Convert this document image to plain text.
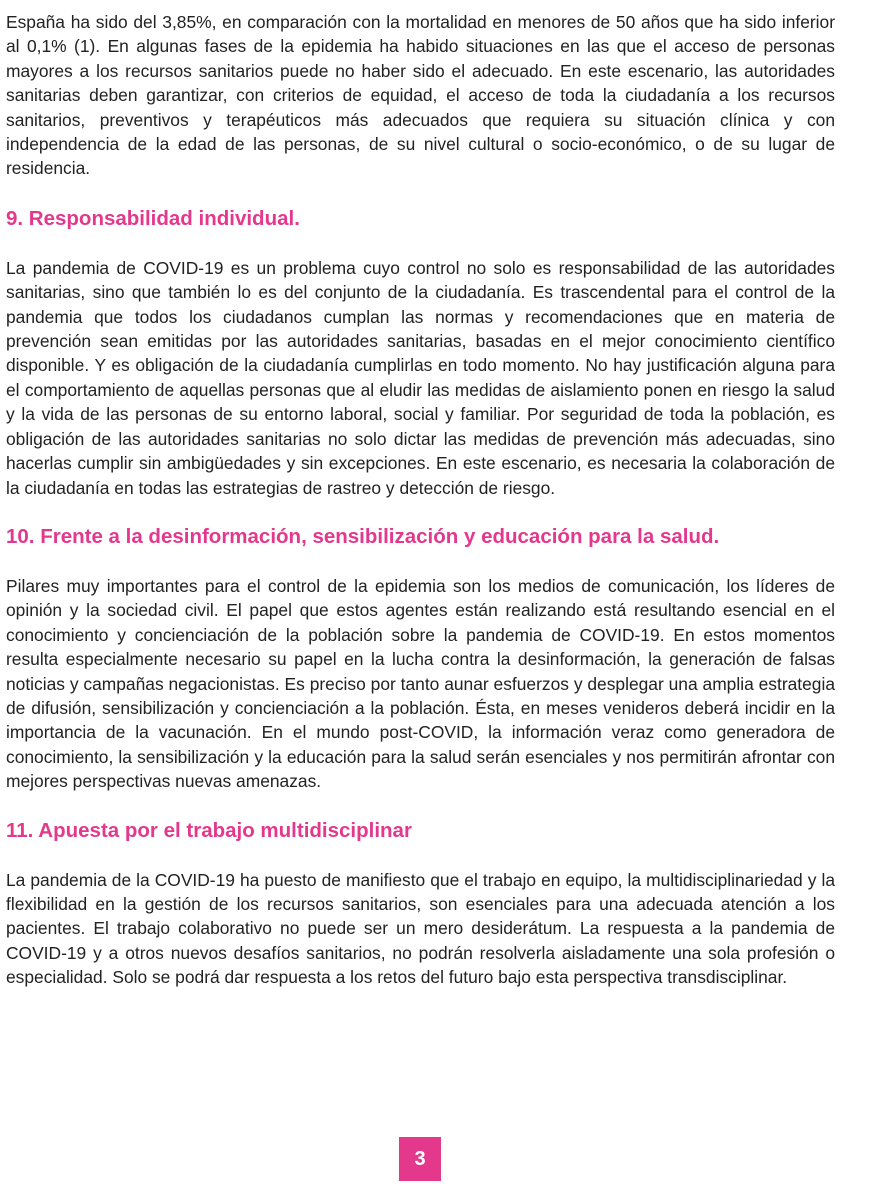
España ha sido del 3,85%, en comparación con la mortalidad en menores de 50 años que ha sido inferior al 0,1% (1). En algunas fases de la epidemia ha habido situaciones en las que el acceso de personas mayores a los recursos sanitarios puede no haber sido el adecuado. En este escenario, las autoridades sanitarias deben garantizar, con criterios de equidad, el acceso de toda la ciudadanía a los recursos sanitarios, preventivos y terapéuticos más adecuados que requiera su situación clínica y con independencia de la edad de las personas, de su nivel cultural o socio-económico, o de su lugar de residencia.

9. Responsabilidad individual.

La pandemia de COVID-19 es un problema cuyo control no solo es responsabilidad de las autoridades sanitarias, sino que también lo es del conjunto de la ciudadanía. Es trascendental para el control de la pandemia que todos los ciudadanos cumplan las normas y recomendaciones que en materia de prevención sean emitidas por las autoridades sanitarias, basadas en el mejor conocimiento científico disponible. Y es obligación de la ciudadanía cumplirlas en todo momento. No hay justificación alguna para el comportamiento de aquellas personas que al eludir las medidas de aislamiento ponen en riesgo la salud y la vida de las personas de su entorno laboral, social y familiar. Por seguridad de toda la población, es obligación de las autoridades sanitarias no solo dictar las medidas de prevención más adecuadas, sino hacerlas cumplir sin ambigüedades y sin excepciones. En este escenario, es necesaria la colaboración de la ciudadanía en todas las estrategias de rastreo y detección de riesgo.

10. Frente a la desinformación, sensibilización y educación para la salud.

Pilares muy importantes para el control de la epidemia son los medios de comunicación, los líderes de opinión y la sociedad civil. El papel que estos agentes están realizando está resultando esencial en el conocimiento y concienciación de la población sobre la pandemia de COVID-19. En estos momentos resulta especialmente necesario su papel en la lucha contra la desinformación, la generación de falsas noticias y campañas negacionistas. Es preciso por tanto aunar esfuerzos y desplegar una amplia estrategia de difusión, sensibilización y concienciación a la población. Ésta, en meses venideros deberá incidir en la importancia de la vacunación. En el mundo post-COVID, la información veraz como generadora de conocimiento, la sensibilización y la educación para la salud serán esenciales y nos permitirán afrontar con mejores perspectivas nuevas amenazas.

11. Apuesta por el trabajo multidisciplinar

La pandemia de la COVID-19 ha puesto de manifiesto que el trabajo en equipo, la multidisciplinariedad y la flexibilidad en la gestión de los recursos sanitarios, son esenciales para una adecuada atención a los pacientes. El trabajo colaborativo no puede ser un mero desiderátum. La respuesta a la pandemia de COVID-19 y a otros nuevos desafíos sanitarios, no podrán resolverla aisladamente una sola profesión o especialidad. Solo se podrá dar respuesta a los retos del futuro bajo esta perspectiva transdisciplinar.

3
